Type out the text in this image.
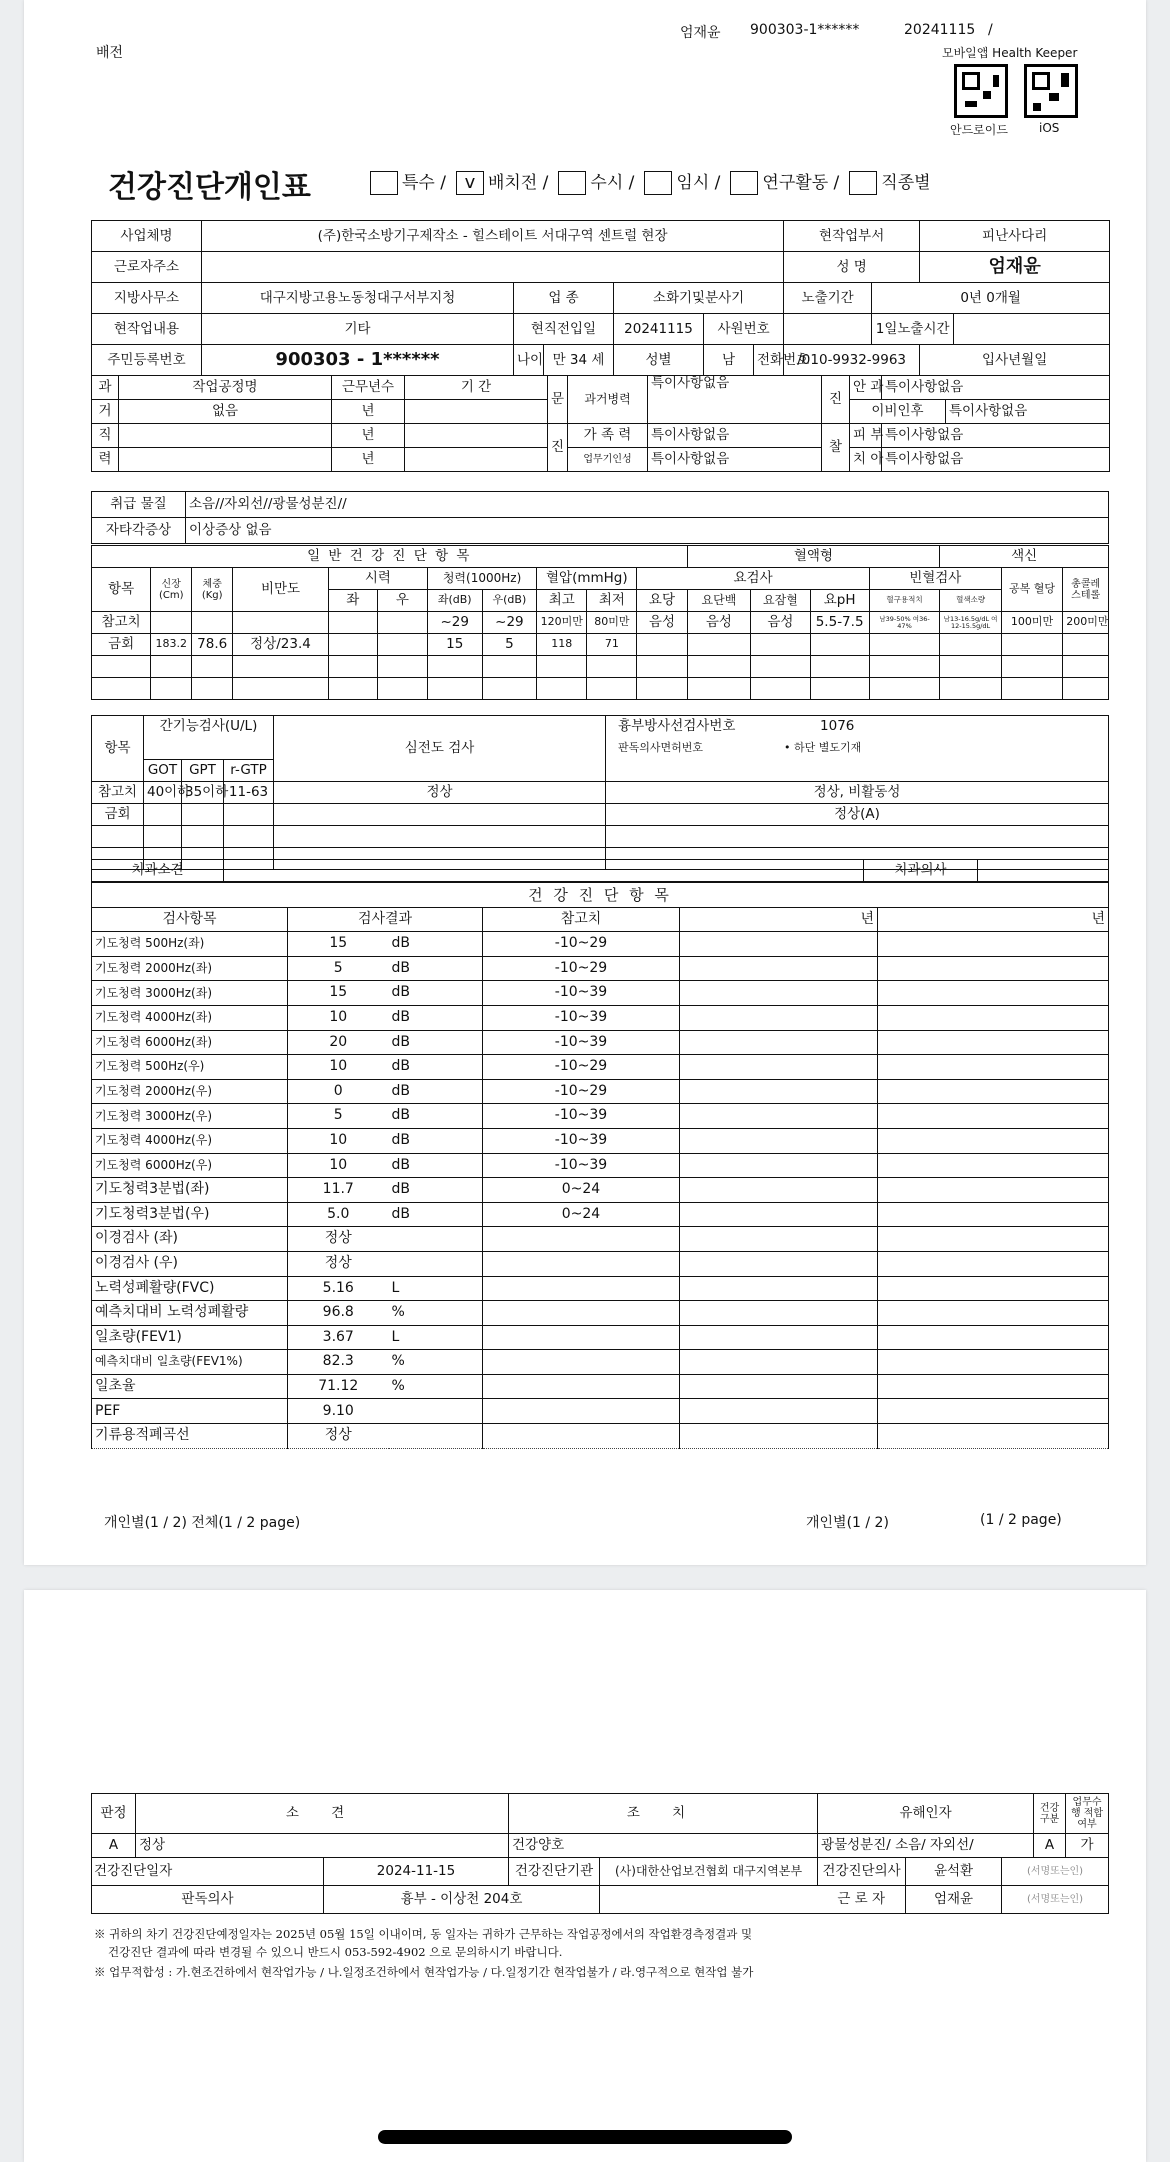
배전
엄재윤 900303-1******	20241115 /
모바일앱 Health Keeper
안드로이드	iOS
건강진단개인표	특수 / v 배치전 / 수시 / 임시 / 연구활동 / 직종별
사업체명	(주)한국소방기구제작소 - 힐스테이트 서대구역 센트럴 현장						현작업부서		피난사다리		
근로자주소							성 명		엄재윤		
지방사무소	대구지방고용노동청대구서부지청	업 종		소화기및분사기			노출기간	0년 0개월			
현작업내용	기타	현직전입일		20241115	사원번호			1일노출시간			
주민등록번호	900303 - 1******	나이	만 34 세	성별	남	전화번호	/010-9932-9963		입사년월일	
과	작업공정명	근무년수	기 간	문	과거병력	특이사항없음	진	안 과	특이사항없음	
거	없음	년						이비인후		특이사항없음
직		년		진	가 족 력	특이사항없음	찰	피 부	특이사항없음	
력		년			업무기인성	특이사항없음		치 아	특이사항없음	
취급 물질	소음//자외선//광물성분진//
자타각증상	이상증상 없음
일 반 건 강 진 단 항 목											혈액형				색신		
항목	신장 (Cm)	체중 (Kg)	비만도	시력		청력(1000Hz)		혈압(mmHg)		요검사				빈혈검사		공복 혈당	총콜레 스테롤
				좌	우	좌(dB)	우(dB)	최고	최저	요당	요단백	요잠혈	요pH	혈구용적치	혈색소량		
참고치						~29	~29	120미만	80미만	음성	음성	음성	5.5-7.5	남39-50% 여36-47%	남13-16.5g/dL 여12-15.5g/dL	100미만	200미만
금회	183.2	78.6	정상/23.4			15	5	118	71								

항목	간기능검사(U/L)			심전도 검사	흉부방사선검사번호 1076
판독의사면허번호 • 하단 별도기재

	GOT	GPT	r-GTP		
참고치	40이하	35이하	11-63	정상	정상, 비활동성
금회					정상(A)

치과소견		치과의사	
건 강 진 단 항 목					
검사항목	검사결과		참고치	년	년
기도청력 500Hz(좌)	15	dB	-10~29		
기도청력 2000Hz(좌)	5	dB	-10~29		
기도청력 3000Hz(좌)	15	dB	-10~39		
기도청력 4000Hz(좌)	10	dB	-10~39		
기도청력 6000Hz(좌)	20	dB	-10~39		
기도청력 500Hz(우)	10	dB	-10~29		
기도청력 2000Hz(우)	0	dB	-10~29		
기도청력 3000Hz(우)	5	dB	-10~39		
기도청력 4000Hz(우)	10	dB	-10~39		
기도청력 6000Hz(우)	10	dB	-10~39		
기도청력3분법(좌)	11.7	dB	0~24		
기도청력3분법(우)	5.0	dB	0~24		
이경검사 (좌)	정상				
이경검사 (우)	정상				
노력성폐활량(FVC)	5.16	L			
예측치대비 노력성폐활량	96.8	%			
일초량(FEV1)	3.67	L			
예측치대비 일초량(FEV1%)	82.3	%			
일초율	71.12	%			
PEF	9.10				
기류용적폐곡선	정상				
개인별(1 / 2) 전체(1 / 2 page)	개인별(1 / 2)	(1 / 2 page)
판정	소 견		조 치		유해인자			건강 구분	업무수행 적합여부
A	정상		건강양호		광물성분진/ 소음/ 자외선/			A	가
건강진단일자		2024-11-15	건강진단기관	(사)대한산업보건협회 대구지역본부	건강진단의사	윤석환	(서명또는인)		
판독의사		흉부 - 이상천 204호		근 로 자		엄재윤	(서명또는인)		
※ 귀하의 차기 건강진단예정일자는 2025년 05월 15일 이내이며, 동 일자는 귀하가 근무하는 작업공정에서의 작업환경측정결과 및
건강진단 결과에 따라 변경될 수 있으니 반드시 053-592-4902 으로 문의하시기 바랍니다.
※ 업무적합성 : 가.현조건하에서 현작업가능 / 나.일정조건하에서 현작업가능 / 다.일정기간 현작업불가 / 라.영구적으로 현작업 불가
